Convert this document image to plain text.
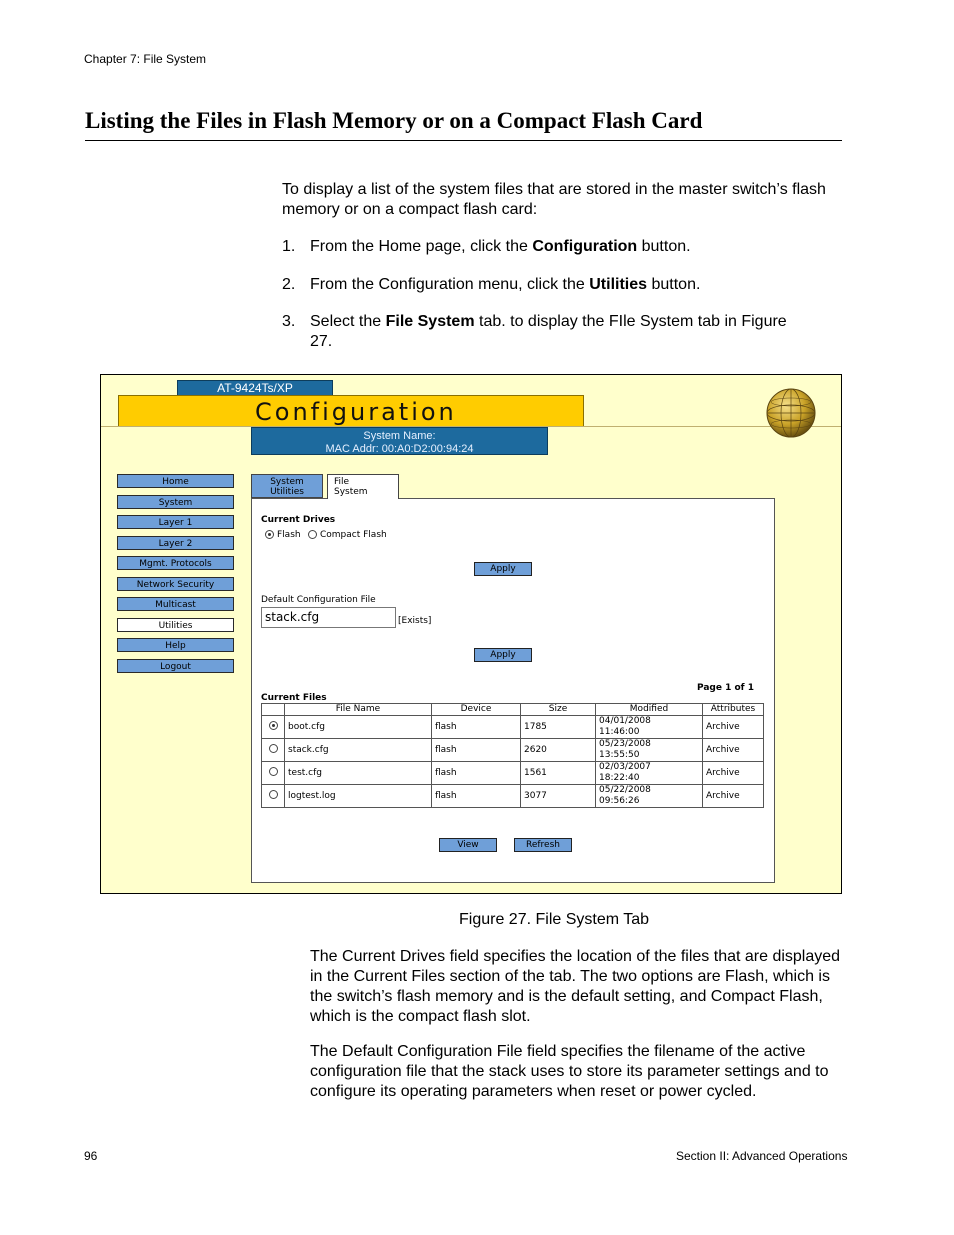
Chapter 7: File System
Listing the Files in Flash Memory or on a Compact Flash Card
To display a list of the system files that are stored in the master switch’s flash memory or on a compact flash card:
1. From the Home page, click the Configuration button.
2. From the Configuration menu, click the Utilities button.
3. Select the File System tab. to display the FIle System tab in Figure 27.
AT-9424Ts/XP
Configuration
System Name:
MAC Addr: 00:A0:D2:00:94:24
Home
System
Layer 1
Layer 2
Mgmt. Protocols
Network Security
Multicast
Utilities
Help
Logout
System
Utilities
File
System
Current Drives
Flash Compact Flash
Apply
Default Configuration File
stack.cfg	[Exists]
Apply
Page 1 of 1
Current Files
	File Name	Device	Size	Modified	Attributes
	boot.cfg	flash	1785	04/01/2008
11:46:00	Archive
	stack.cfg	flash	2620	05/23/2008
13:55:50	Archive
	test.cfg	flash	1561	02/03/2007
18:22:40	Archive
	logtest.log	flash	3077	05/22/2008
09:56:26	Archive
View	Refresh
Figure 27. File System Tab
The Current Drives field specifies the location of the files that are displayed in the Current Files section of the tab. The two options are Flash, which is the switch’s flash memory and is the default setting, and Compact Flash, which is the compact flash slot.
The Default Configuration File field specifies the filename of the active configuration file that the stack uses to store its parameter settings and to configure its operating parameters when reset or power cycled.
96	Section II: Advanced Operations
